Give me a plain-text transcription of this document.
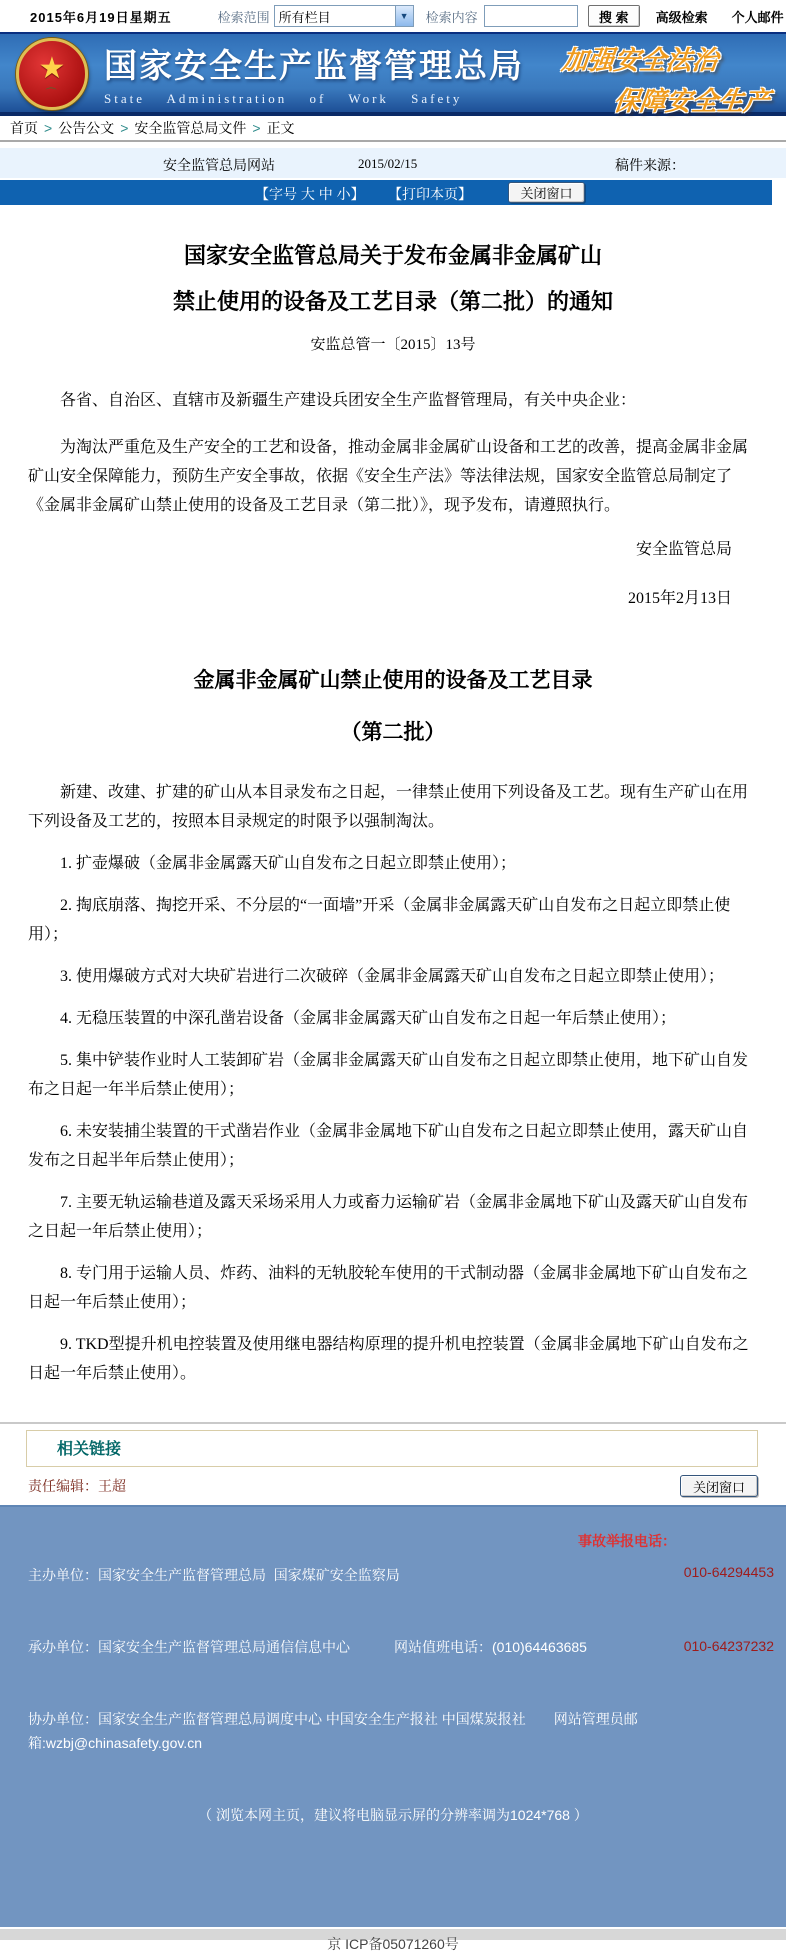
2015年6月19日星期五	检索范围 所有栏目	▼	检索内容	搜 索	高级检索 个人邮件
★
⌒
国家安全生产监督管理总局
State Administration of Work Safety
加强安全法治
保障安全生产
首页 > 公告公文 > 安全监管总局文件 > 正文
安全监管总局网站	2015/02/15	稿件来源：
【字号 大 中 小】 【打印本页】	关闭窗口
国家安全监管总局关于发布金属非金属矿山
禁止使用的设备及工艺目录（第二批）的通知
安监总管一〔2015〕13号

各省、自治区、直辖市及新疆生产建设兵团安全生产监督管理局，有关中央企业：

为淘汰严重危及生产安全的工艺和设备，推动金属非金属矿山设备和工艺的改善，提高金属非金属矿山安全保障能力，预防生产安全事故，依据《安全生产法》等法律法规，国家安全监管总局制定了《金属非金属矿山禁止使用的设备及工艺目录（第二批）》，现予发布，请遵照执行。

安全监管总局
2015年2月13日
金属非金属矿山禁止使用的设备及工艺目录
（第二批）

新建、改建、扩建的矿山从本目录发布之日起，一律禁止使用下列设备及工艺。现有生产矿山在用下列设备及工艺的，按照本目录规定的时限予以强制淘汰。

1. 扩壶爆破（金属非金属露天矿山自发布之日起立即禁止使用）；

2. 掏底崩落、掏挖开采、不分层的“一面墙”开采（金属非金属露天矿山自发布之日起立即禁止使用）；

3. 使用爆破方式对大块矿岩进行二次破碎（金属非金属露天矿山自发布之日起立即禁止使用）；

4. 无稳压装置的中深孔凿岩设备（金属非金属露天矿山自发布之日起一年后禁止使用）；

5. 集中铲装作业时人工装卸矿岩（金属非金属露天矿山自发布之日起立即禁止使用，地下矿山自发布之日起一年半后禁止使用）；

6. 未安装捕尘装置的干式凿岩作业（金属非金属地下矿山自发布之日起立即禁止使用，露天矿山自发布之日起半年后禁止使用）；

7. 主要无轨运输巷道及露天采场采用人力或畜力运输矿岩（金属非金属地下矿山及露天矿山自发布之日起一年后禁止使用）；

8. 专门用于运输人员、炸药、油料的无轨胶轮车使用的干式制动器（金属非金属地下矿山自发布之日起一年后禁止使用）；

9. TKD型提升机电控装置及使用继电器结构原理的提升机电控装置（金属非金属地下矿山自发布之日起一年后禁止使用）。

相关链接
责任编辑：王超	关闭窗口

主办单位：国家安全生产监督管理总局 国家煤矿安全监察局

承办单位：国家安全生产监督管理总局通信信息中心	网站值班电话：(010)64463685

协办单位：国家安全生产监督管理总局调度中心 中国安全生产报社 中国煤炭报社 网站管理员邮箱:wzbj@chinasafety.gov.cn

（ 浏览本网主页，建议将电脑显示屏的分辨率调为1024*768 ）

事故举报电话：

010-64294453

010-64237232

京 ICP备05071260号
